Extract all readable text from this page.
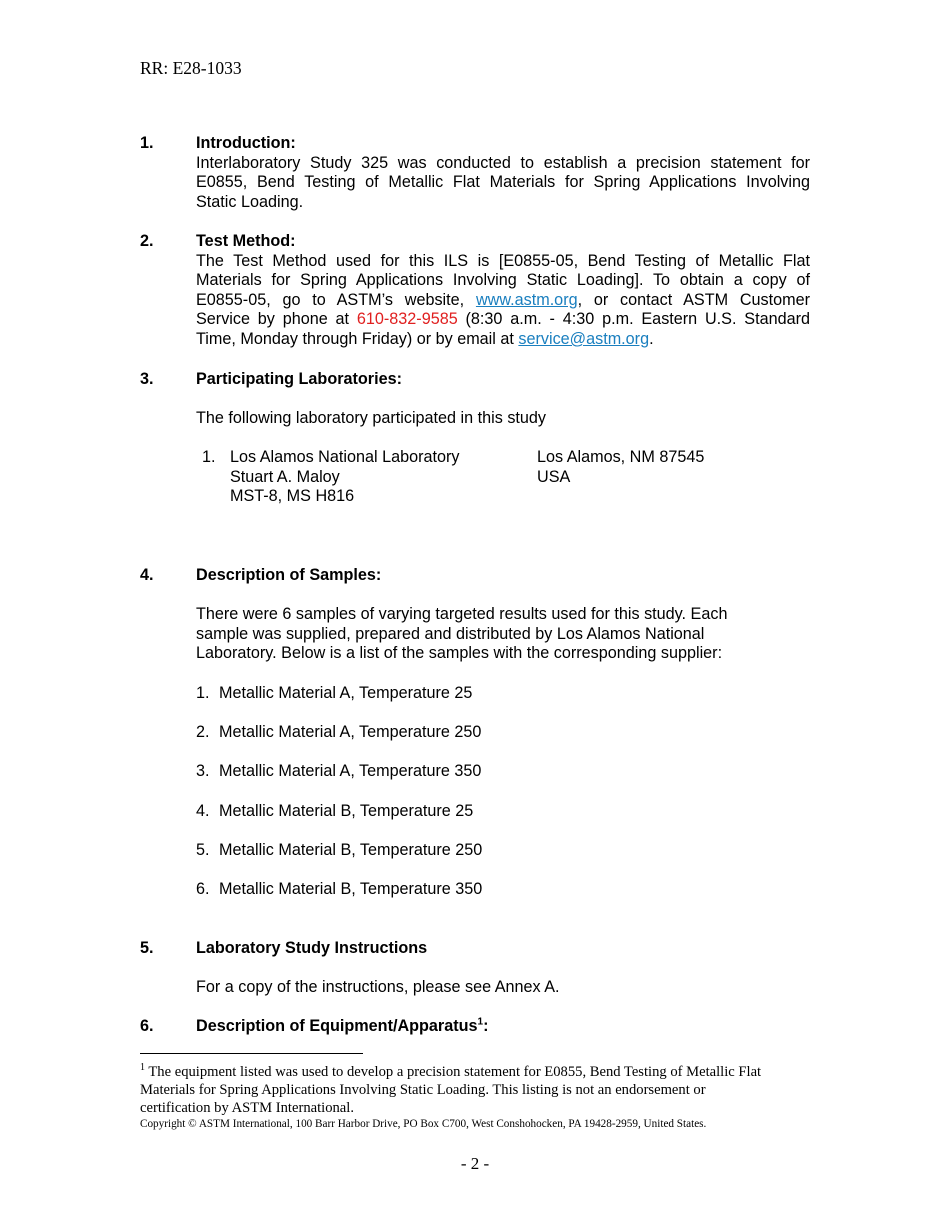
RR: E28-1033
1.	Introduction:
Interlaboratory Study 325 was conducted to establish a precision statement for
E0855, Bend Testing of Metallic Flat Materials for Spring Applications Involving
Static Loading.
2.	Test Method:
The Test Method used for this ILS is [E0855-05, Bend Testing of Metallic Flat
Materials for Spring Applications Involving Static Loading]. To obtain a copy of
E0855-05, go to ASTM’s website, www.astm.org, or contact ASTM Customer
Service by phone at 610-832-9585 (8:30 a.m. - 4:30 p.m. Eastern U.S. Standard
Time, Monday through Friday) or by email at service@astm.org.
3.	Participating Laboratories:
The following laboratory participated in this study
1. Los Alamos National Laboratory
Stuart A. Maloy
MST-8, MS H816
Los Alamos, NM 87545
USA
4.	Description of Samples:
There were 6 samples of varying targeted results used for this study. Each
sample was supplied, prepared and distributed by Los Alamos National
Laboratory. Below is a list of the samples with the corresponding supplier:
1. Metallic Material A, Temperature 25
2. Metallic Material A, Temperature 250
3. Metallic Material A, Temperature 350
4. Metallic Material B, Temperature 25
5. Metallic Material B, Temperature 250
6. Metallic Material B, Temperature 350
5.	Laboratory Study Instructions
For a copy of the instructions, please see Annex A.
6.	Description of Equipment/Apparatus$^1$:
$^1$ The equipment listed was used to develop a precision statement for E0855, Bend Testing of Metallic Flat
Materials for Spring Applications Involving Static Loading. This listing is not an endorsement or
certification by ASTM International.
Copyright © ASTM International, 100 Barr Harbor Drive, PO Box C700, West Conshohocken, PA 19428-2959, United States.
- 2 -
